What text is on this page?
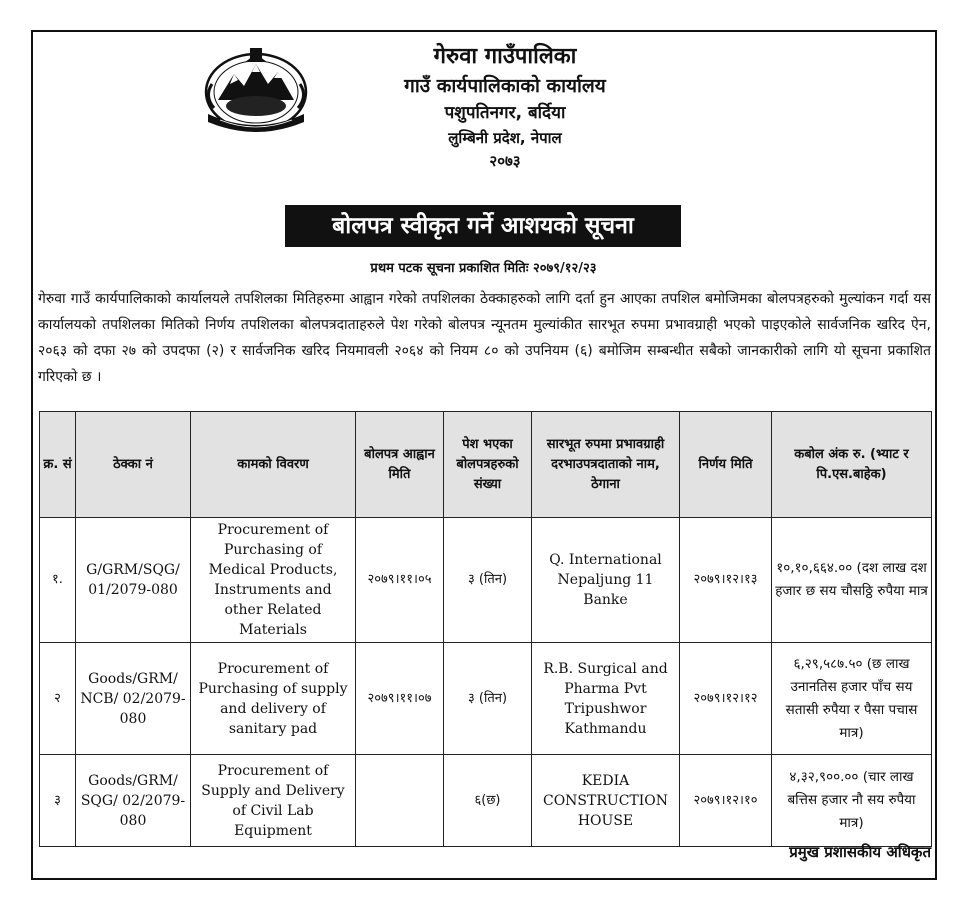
गेरुवा गाउँपालिका
गाउँ कार्यपालिकाको कार्यालय
पशुपतिनगर, बर्दिया
लुम्बिनी प्रदेश, नेपाल
२०७३
बोलपत्र स्वीकृत गर्ने आशयको सूचना
प्रथम पटक सूचना प्रकाशित मितिः २०७९/१२/२३
गेरुवा गाउँ कार्यपालिकाको कार्यालयले तपशिलका मितिहरुमा आह्वान गरेको तपशिलका ठेक्काहरुको लागि दर्ता हुन आएका तपशिल बमोजिमका बोलपत्रहरुको मुल्यांकन गर्दा यस कार्यालयको तपशिलका मितिको निर्णय तपशिलका बोलपत्रदाताहरुले पेश गरेको बोलपत्र न्यूनतम मुल्यांकीत सारभूत रुपमा प्रभावग्राही भएको पाइएकोले सार्वजनिक खरिद ऐन, २०६३ को दफा २७ को उपदफा (२) र सार्वजनिक खरिद नियमावली २०६४ को नियम ८० को उपनियम (६) बमोजिम सम्बन्धीत सबैको जानकारीको लागि यो सूचना प्रकाशित गरिएको छ ।
क्र. सं	ठेक्का नं	कामको विवरण	बोलपत्र आह्वान मिति	पेश भएका बोलपत्रहरुको संख्या	सारभूत रुपमा प्रभावग्राही दरभाउपत्रदाताको नाम, ठेगाना	निर्णय मिति	कबोल अंक रु. (भ्याट र पि.एस.बाहेक)
१.	G/GRM/SQG/ 01/2079-080	Procurement of Purchasing of Medical Products, Instruments and other Related Materials	२०७९।११।०५	३ (तिन)	Q. International Nepaljung 11 Banke	२०७९।१२।१३	१०,१०,६६४.०० (दश लाख दश हजार छ सय चौसठ्ठि रुपैया मात्र
२	Goods/GRM/ NCB/ 02/2079-080	Procurement of Purchasing of supply and delivery of sanitary pad	२०७९।११।०७	३ (तिन)	R.B. Surgical and Pharma Pvt Tripushwor Kathmandu	२०७९।१२।१२	६,२९,५८७.५० (छ लाख उनानतिस हजार पाँच सय सतासी रुपैया र पैसा पचास मात्र)
३	Goods/GRM/ SQG/ 02/2079-080	Procurement of Supply and Delivery of Civil Lab Equipment		६(छ)	KEDIA CONSTRUCTION HOUSE	२०७९।१२।१०	४,३२,९००.०० (चार लाख बत्तिस हजार नौ सय रुपैया मात्र)
प्रमुख प्रशासकीय अधिकृत
